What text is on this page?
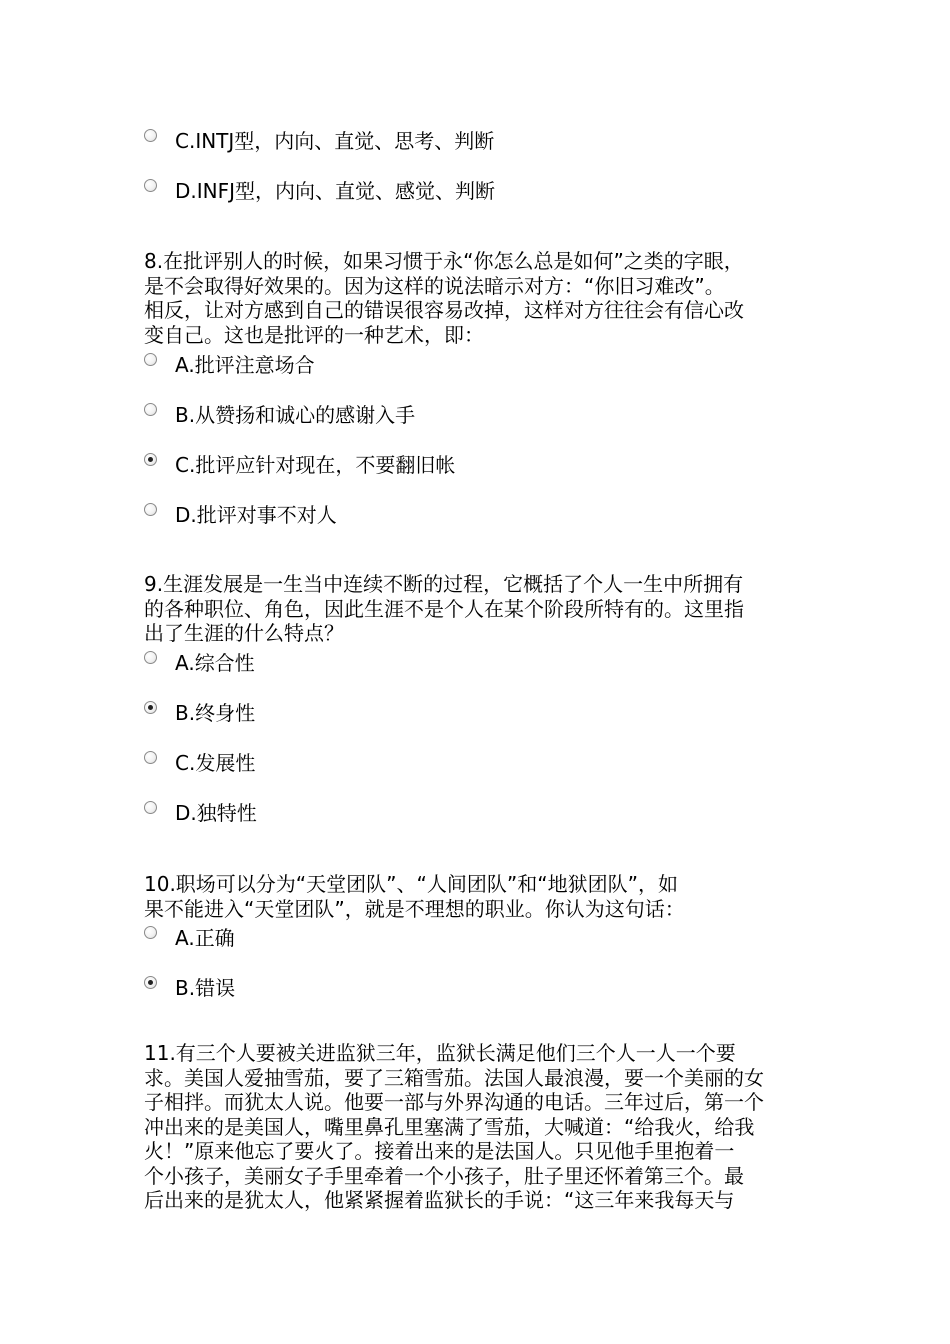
C.INTJ型，内向、直觉、思考、判断
D.INFJ型，内向、直觉、感觉、判断

8.在批评别人的时候，如果习惯于永“你怎么总是如何”之类的字眼，
是不会取得好效果的。因为这样的说法暗示对方：“你旧习难改”。
相反，让对方感到自己的错误很容易改掉，这样对方往往会有信心改
变自己。这也是批评的一种艺术，即：

A.批评注意场合
B.从赞扬和诚心的感谢入手
C.批评应针对现在，不要翻旧帐
D.批评对事不对人

9.生涯发展是一生当中连续不断的过程，它概括了个人一生中所拥有
的各种职位、角色，因此生涯不是个人在某个阶段所特有的。这里指
出了生涯的什么特点？

A.综合性
B.终身性
C.发展性
D.独特性

10.职场可以分为“天堂团队”、“人间团队”和“地狱团队”，如
果不能进入“天堂团队”，就是不理想的职业。你认为这句话：

A.正确
B.错误

11.有三个人要被关进监狱三年，监狱长满足他们三个人一人一个要
求。美国人爱抽雪茄，要了三箱雪茄。法国人最浪漫，要一个美丽的女
子相拌。而犹太人说。他要一部与外界沟通的电话。三年过后，第一个
冲出来的是美国人，嘴里鼻孔里塞满了雪茄，大喊道：“给我火，给我
火！”原来他忘了要火了。接着出来的是法国人。只见他手里抱着一
个小孩子，美丽女子手里牵着一个小孩子，肚子里还怀着第三个。最
后出来的是犹太人，他紧紧握着监狱长的手说：“这三年来我每天与
